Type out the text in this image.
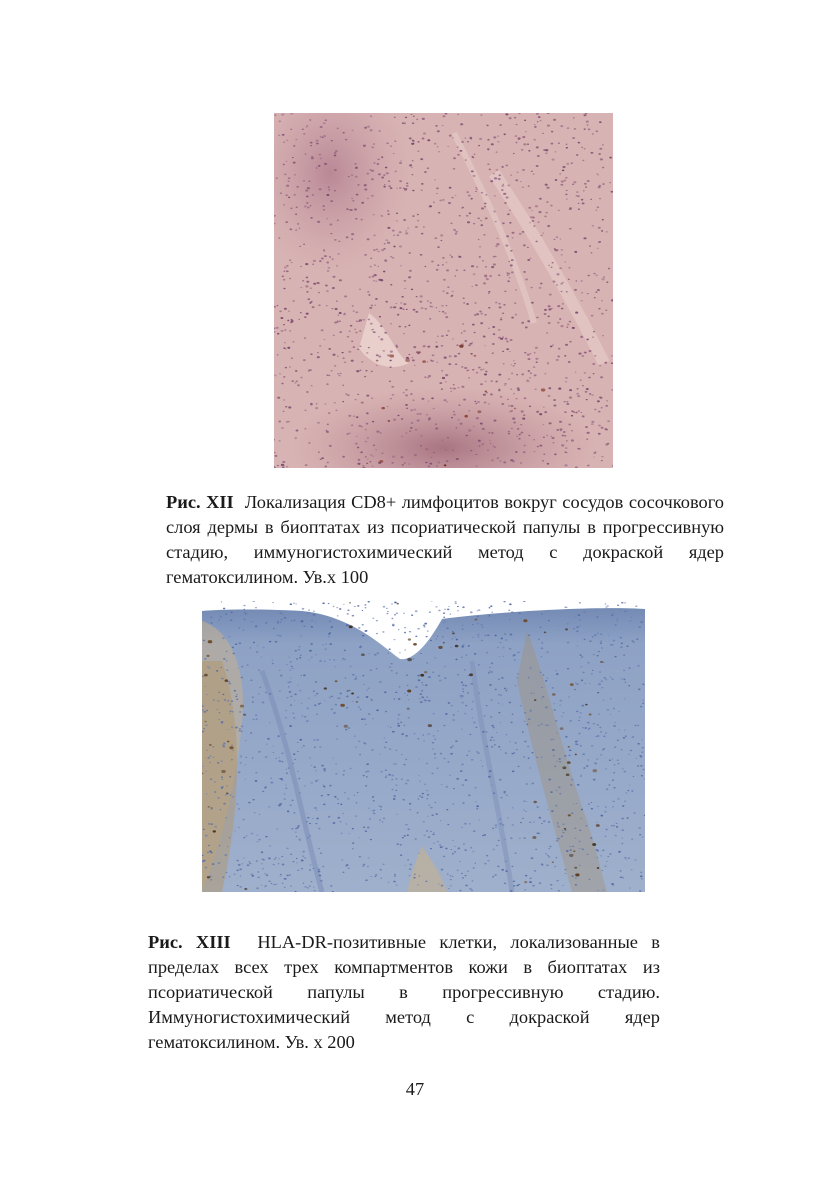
Рис. XII Локализация CD8+ лимфоцитов вокруг сосудов сосочкового слоя дермы в биоптатах из псориатической папулы в прогрессивную стадию, иммуногистохимический метод с докраской ядер гематоксилином. Ув.х 100
Рис. XIII HLA-DR-позитивные клетки, локализованные в пределах всех трех компартментов кожи в биоптатах из псориатической папулы в прогрессивную стадию. Иммуногистохимический метод с докраской ядер гематоксилином. Ув. х 200
47
